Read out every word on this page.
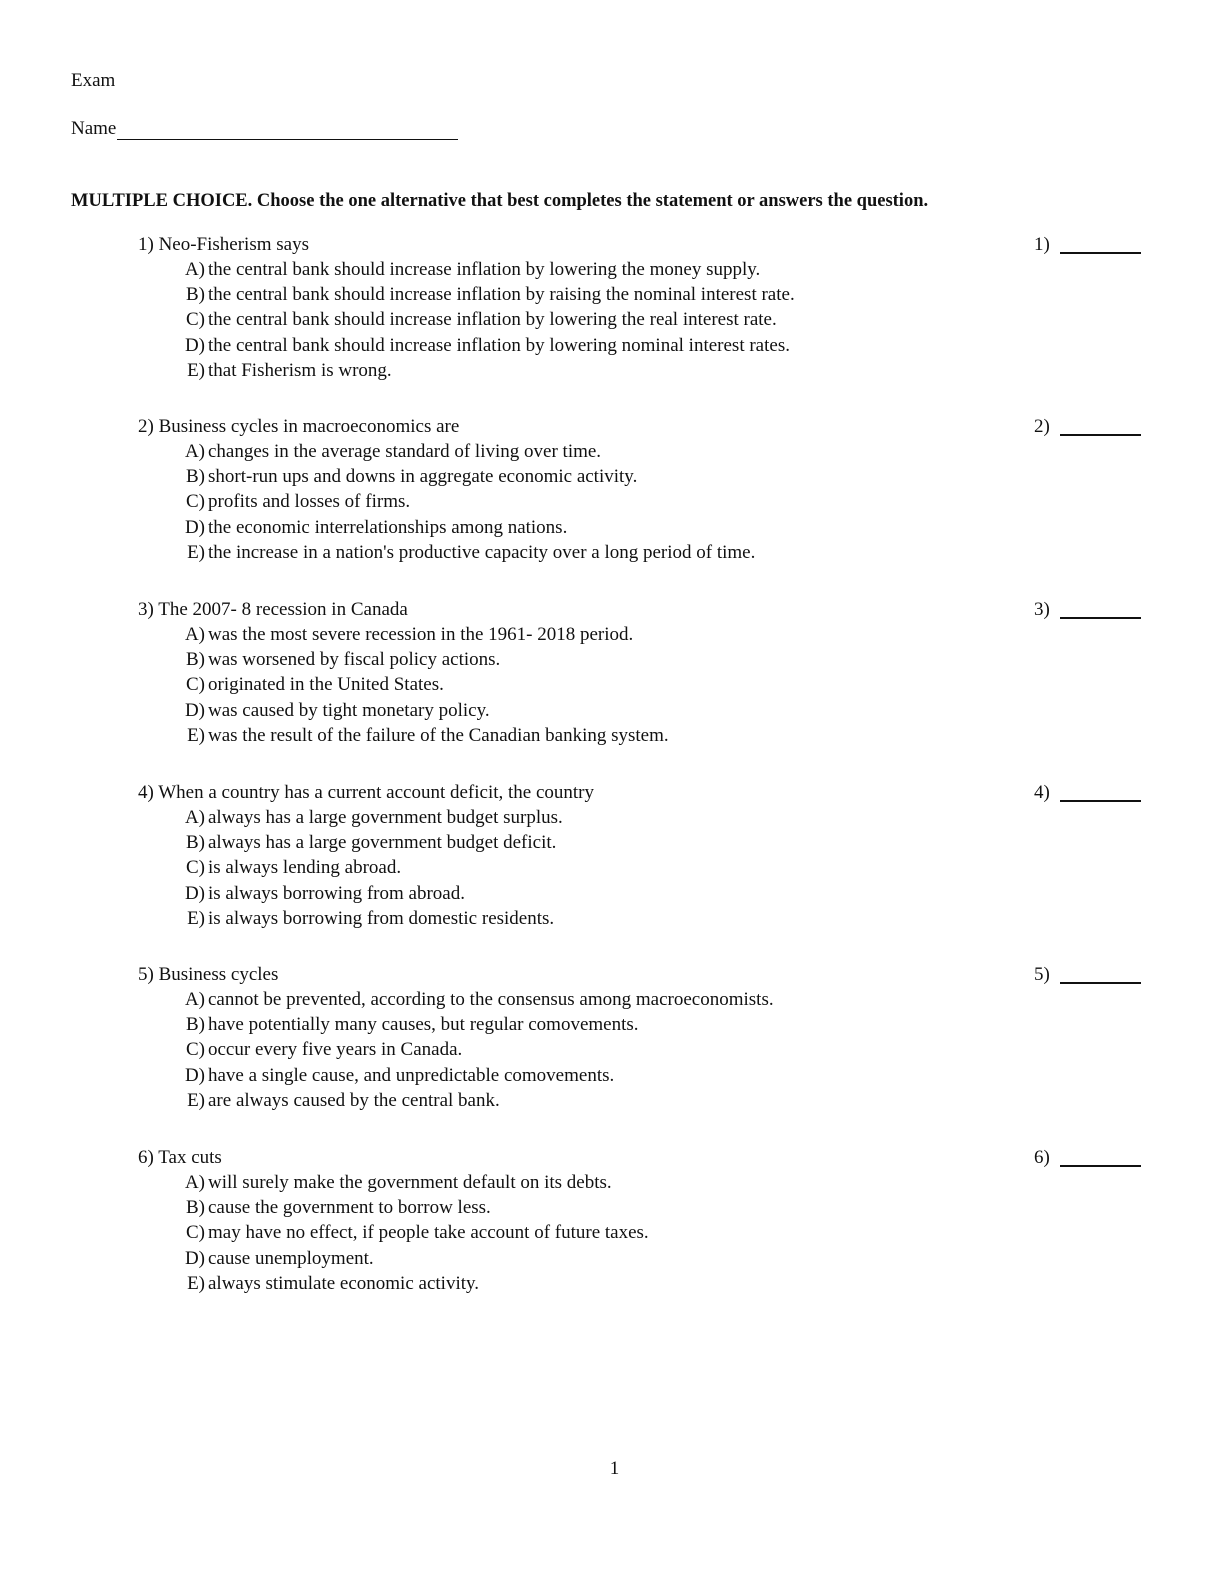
Exam
Name
MULTIPLE CHOICE. Choose the one alternative that best completes the statement or answers the question.
1) Neo-Fisherism says
A) the central bank should increase inflation by lowering the money supply.
B) the central bank should increase inflation by raising the nominal interest rate.
C) the central bank should increase inflation by lowering the real interest rate.
D) the central bank should increase inflation by lowering nominal interest rates.
E) that Fisherism is wrong.
1)
2) Business cycles in macroeconomics are
A) changes in the average standard of living over time.
B) short-run ups and downs in aggregate economic activity.
C) profits and losses of firms.
D) the economic interrelationships among nations.
E) the increase in a nation's productive capacity over a long period of time.
2)
3) The 2007- 8 recession in Canada
A) was the most severe recession in the 1961- 2018 period.
B) was worsened by fiscal policy actions.
C) originated in the United States.
D) was caused by tight monetary policy.
E) was the result of the failure of the Canadian banking system.
3)
4) When a country has a current account deficit, the country
A) always has a large government budget surplus.
B) always has a large government budget deficit.
C) is always lending abroad.
D) is always borrowing from abroad.
E) is always borrowing from domestic residents.
4)
5) Business cycles
A) cannot be prevented, according to the consensus among macroeconomists.
B) have potentially many causes, but regular comovements.
C) occur every five years in Canada.
D) have a single cause, and unpredictable comovements.
E) are always caused by the central bank.
5)
6) Tax cuts
A) will surely make the government default on its debts.
B) cause the government to borrow less.
C) may have no effect, if people take account of future taxes.
D) cause unemployment.
E) always stimulate economic activity.
6)
1
